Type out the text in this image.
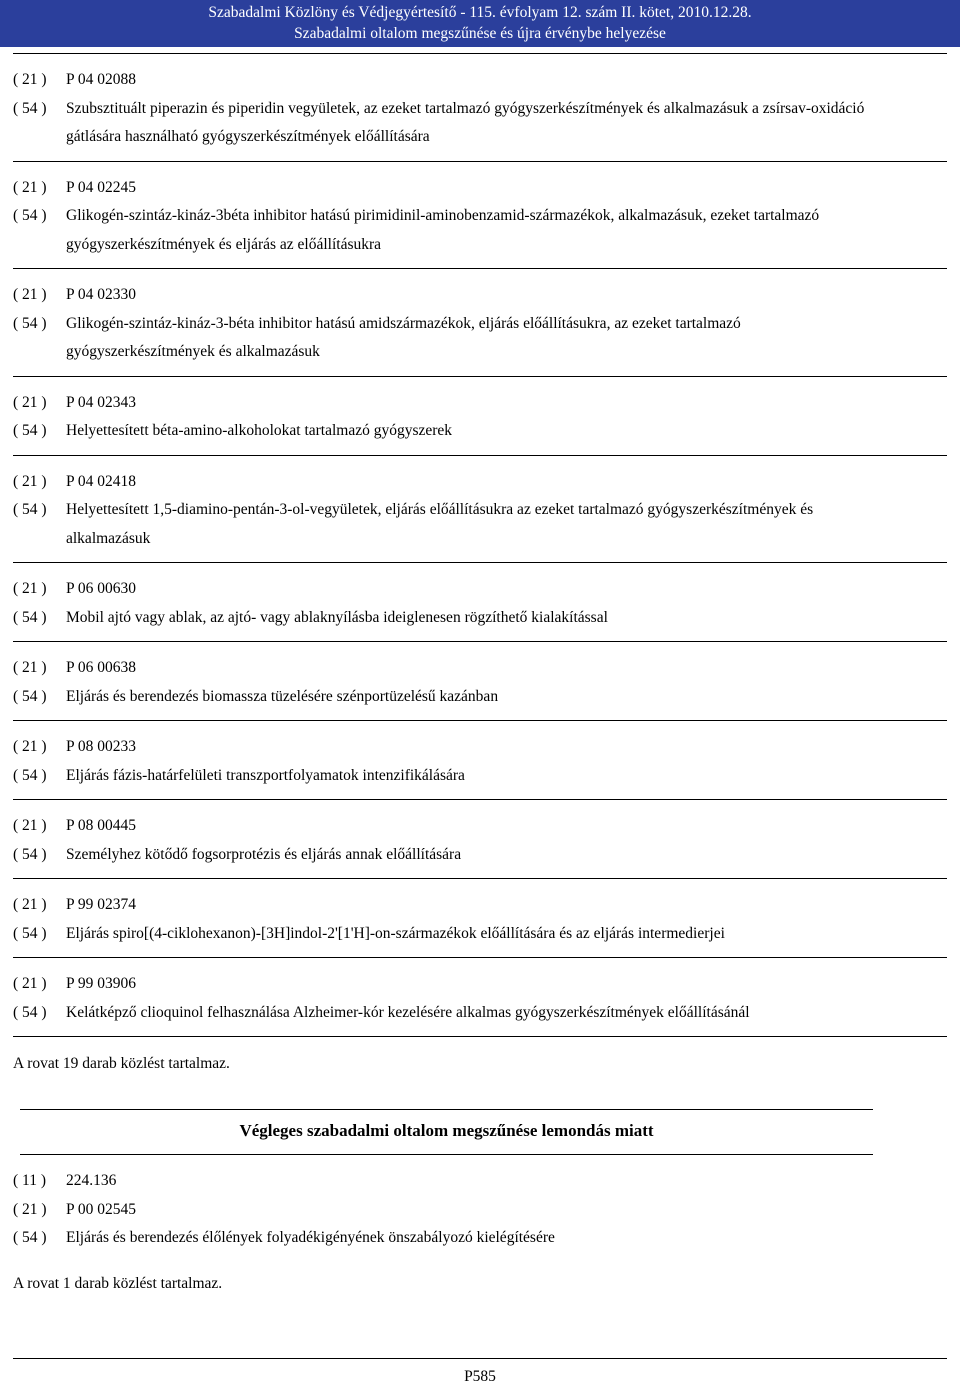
Szabadalmi Közlöny és Védjegyértesítő - 115. évfolyam 12. szám II. kötet, 2010.12.28.
Szabadalmi oltalom megszűnése és újra érvénybe helyezése
( 21 )	P 04 02088
( 54 )	Szubsztituált piperazin és piperidin vegyületek, az ezeket tartalmazó gyógyszerkészítmények és alkalmazásuk a zsírsav-oxidáció gátlására használható gyógyszerkészítmények előállítására
( 21 )	P 04 02245
( 54 )	Glikogén-szintáz-kináz-3béta inhibitor hatású pirimidinil-aminobenzamid-származékok, alkalmazásuk, ezeket tartalmazó gyógyszerkészítmények és eljárás az előállításukra
( 21 )	P 04 02330
( 54 )	Glikogén-szintáz-kináz-3-béta inhibitor hatású amidszármazékok, eljárás előállításukra, az ezeket tartalmazó gyógyszerkészítmények és alkalmazásuk
( 21 )	P 04 02343
( 54 )	Helyettesített béta-amino-alkoholokat tartalmazó gyógyszerek
( 21 )	P 04 02418
( 54 )	Helyettesített 1,5-diamino-pentán-3-ol-vegyületek, eljárás előállításukra az ezeket tartalmazó gyógyszerkészítmények és alkalmazásuk
( 21 )	P 06 00630
( 54 )	Mobil ajtó vagy ablak, az ajtó- vagy ablaknyílásba ideiglenesen rögzíthető kialakítással
( 21 )	P 06 00638
( 54 )	Eljárás és berendezés biomassza tüzelésére szénportüzelésű kazánban
( 21 )	P 08 00233
( 54 )	Eljárás fázis-határfelületi transzportfolyamatok intenzifikálására
( 21 )	P 08 00445
( 54 )	Személyhez kötődő fogsorprotézis és eljárás annak előállítására
( 21 )	P 99 02374
( 54 )	Eljárás spiro[(4-ciklohexanon)-[3H]indol-2'[1'H]-on-származékok előállítására és az eljárás intermedierjei
( 21 )	P 99 03906
( 54 )	Kelátképző clioquinol felhasználása Alzheimer-kór kezelésére alkalmas gyógyszerkészítmények előállításánál
A rovat 19 darab közlést tartalmaz.
Végleges szabadalmi oltalom megszűnése lemondás miatt
( 11 )	224.136
( 21 )	P 00 02545
( 54 )	Eljárás és berendezés élőlények folyadékigényének önszabályozó kielégítésére
A rovat 1 darab közlést tartalmaz.
P585
